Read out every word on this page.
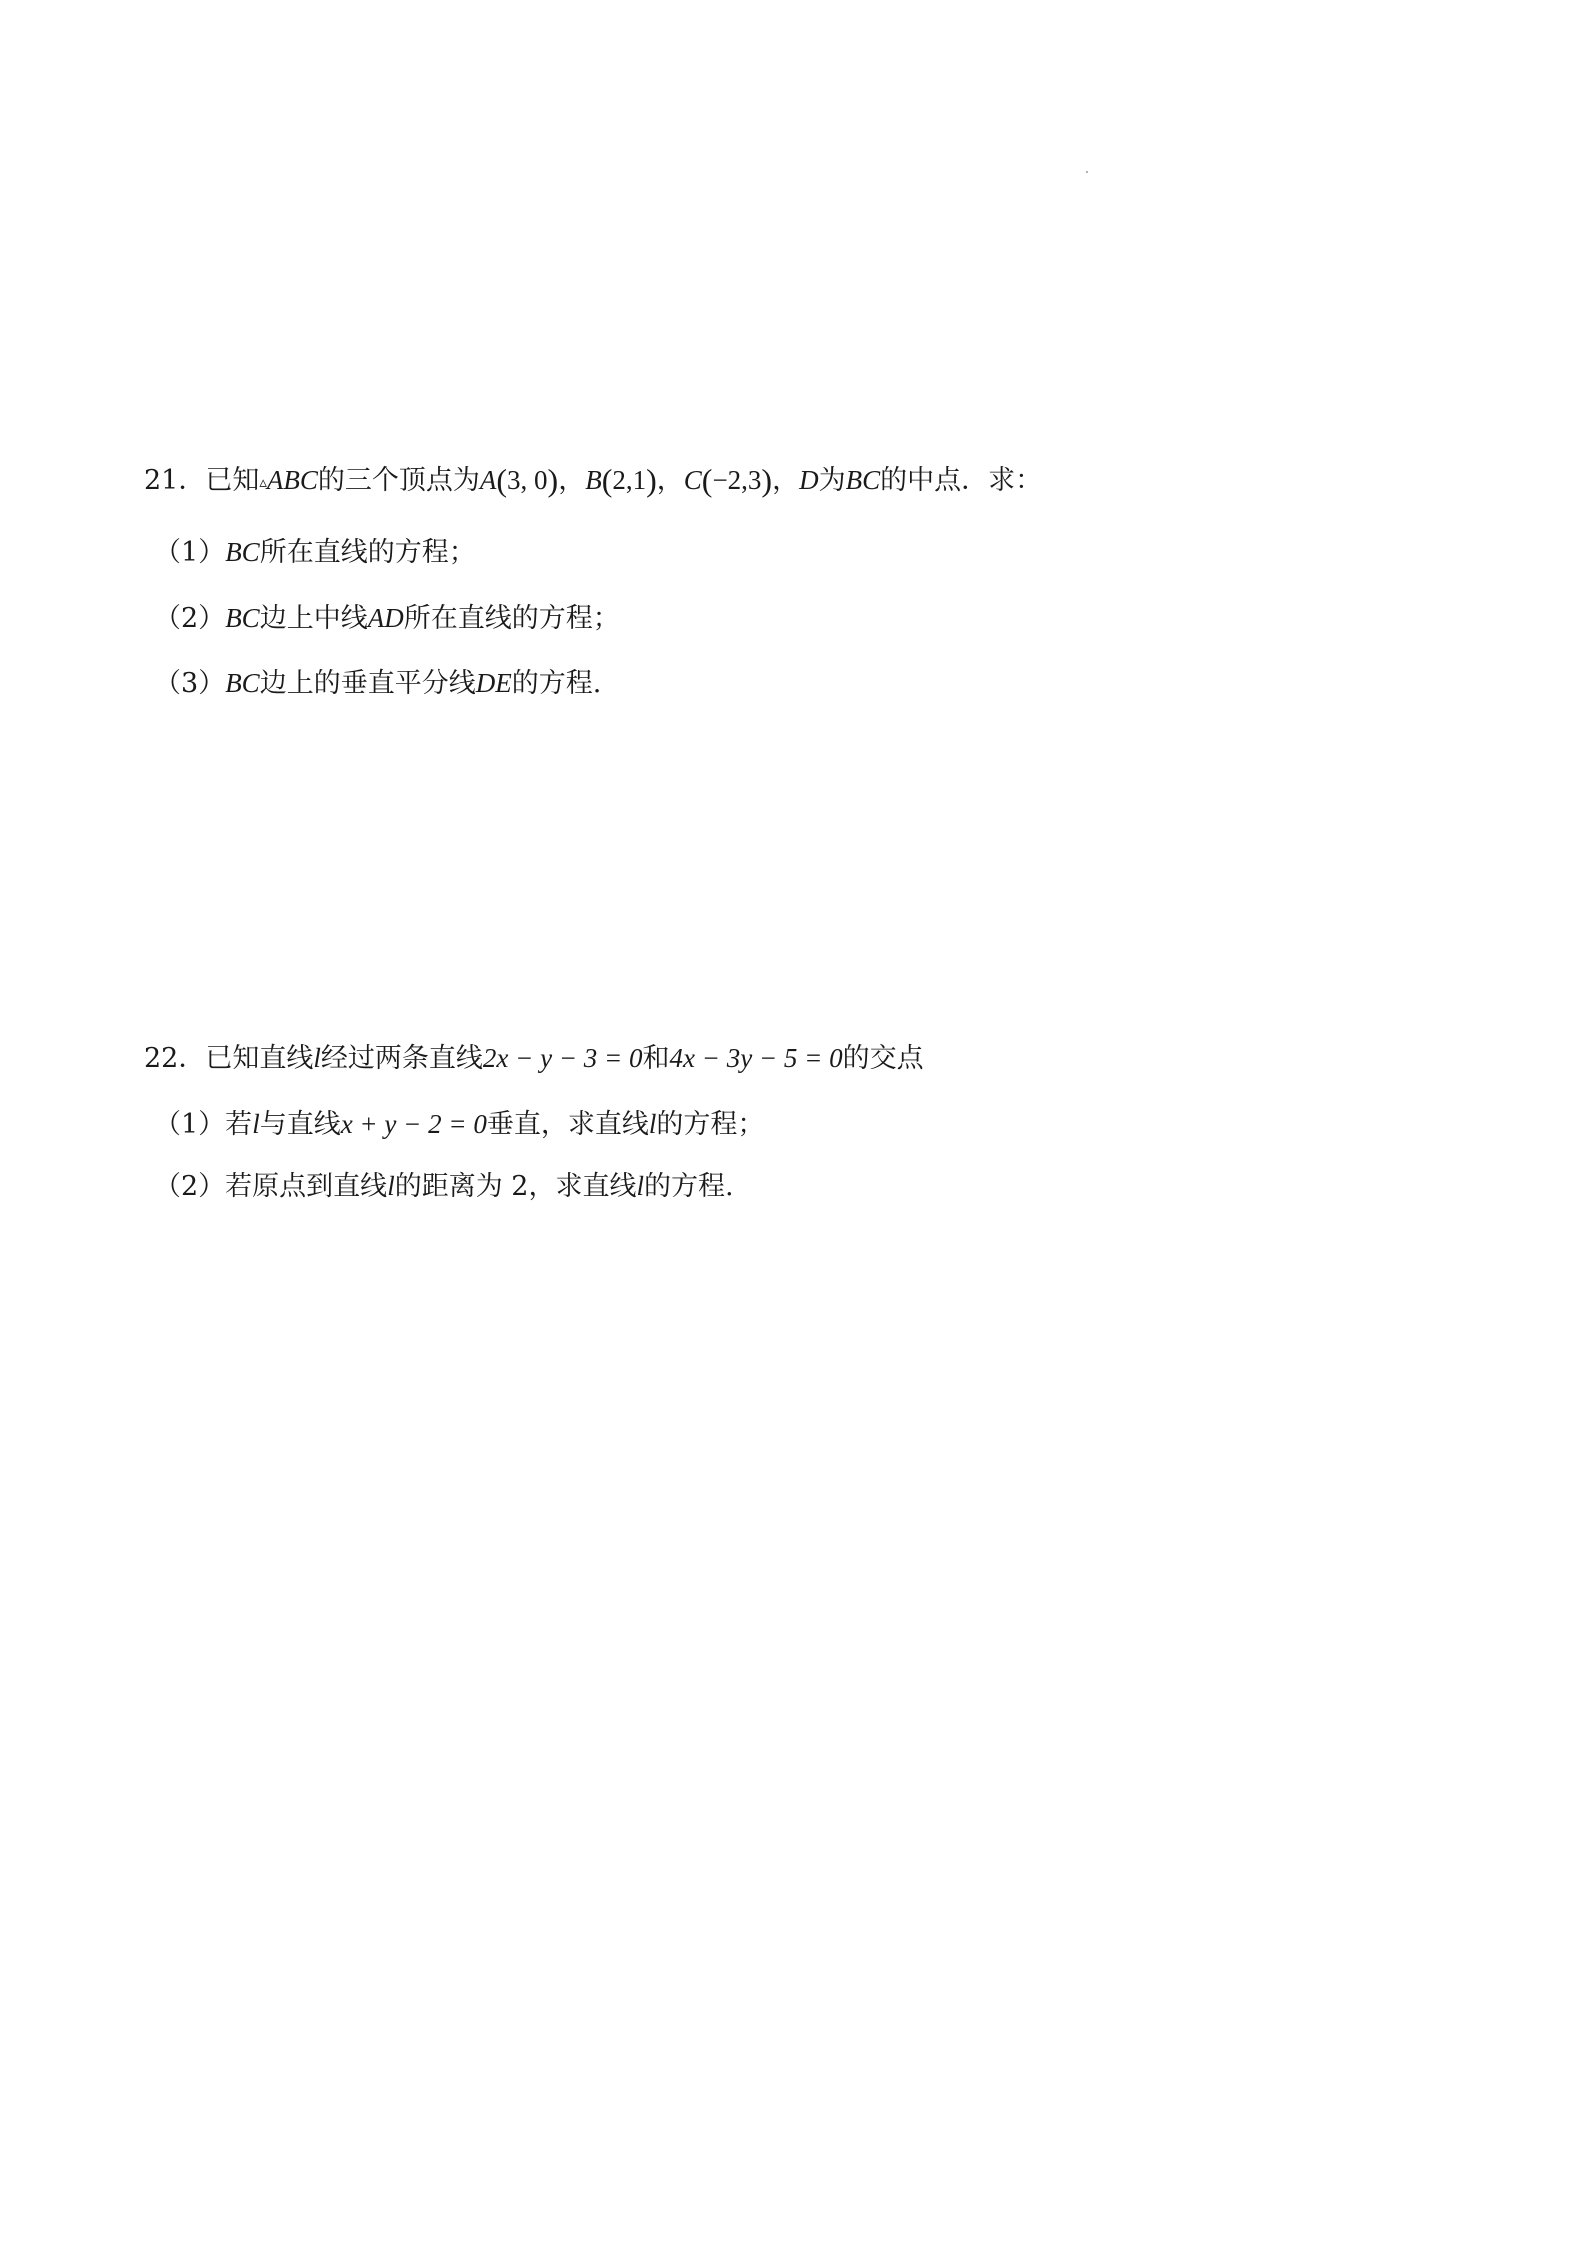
21．已知▵ABC的三个顶点为A(3, 0)，B(2,1)，C(−2,3)，D为BC的中点．求：
（1）BC所在直线的方程；
（2）BC边上中线AD所在直线的方程；
（3）BC边上的垂直平分线DE的方程.
22．已知直线l经过两条直线2x − y − 3 = 0和4x − 3y − 5 = 0的交点
（1）若l与直线x + y − 2 = 0垂直，求直线l的方程；
（2）若原点到直线l的距离为 2，求直线l的方程.
